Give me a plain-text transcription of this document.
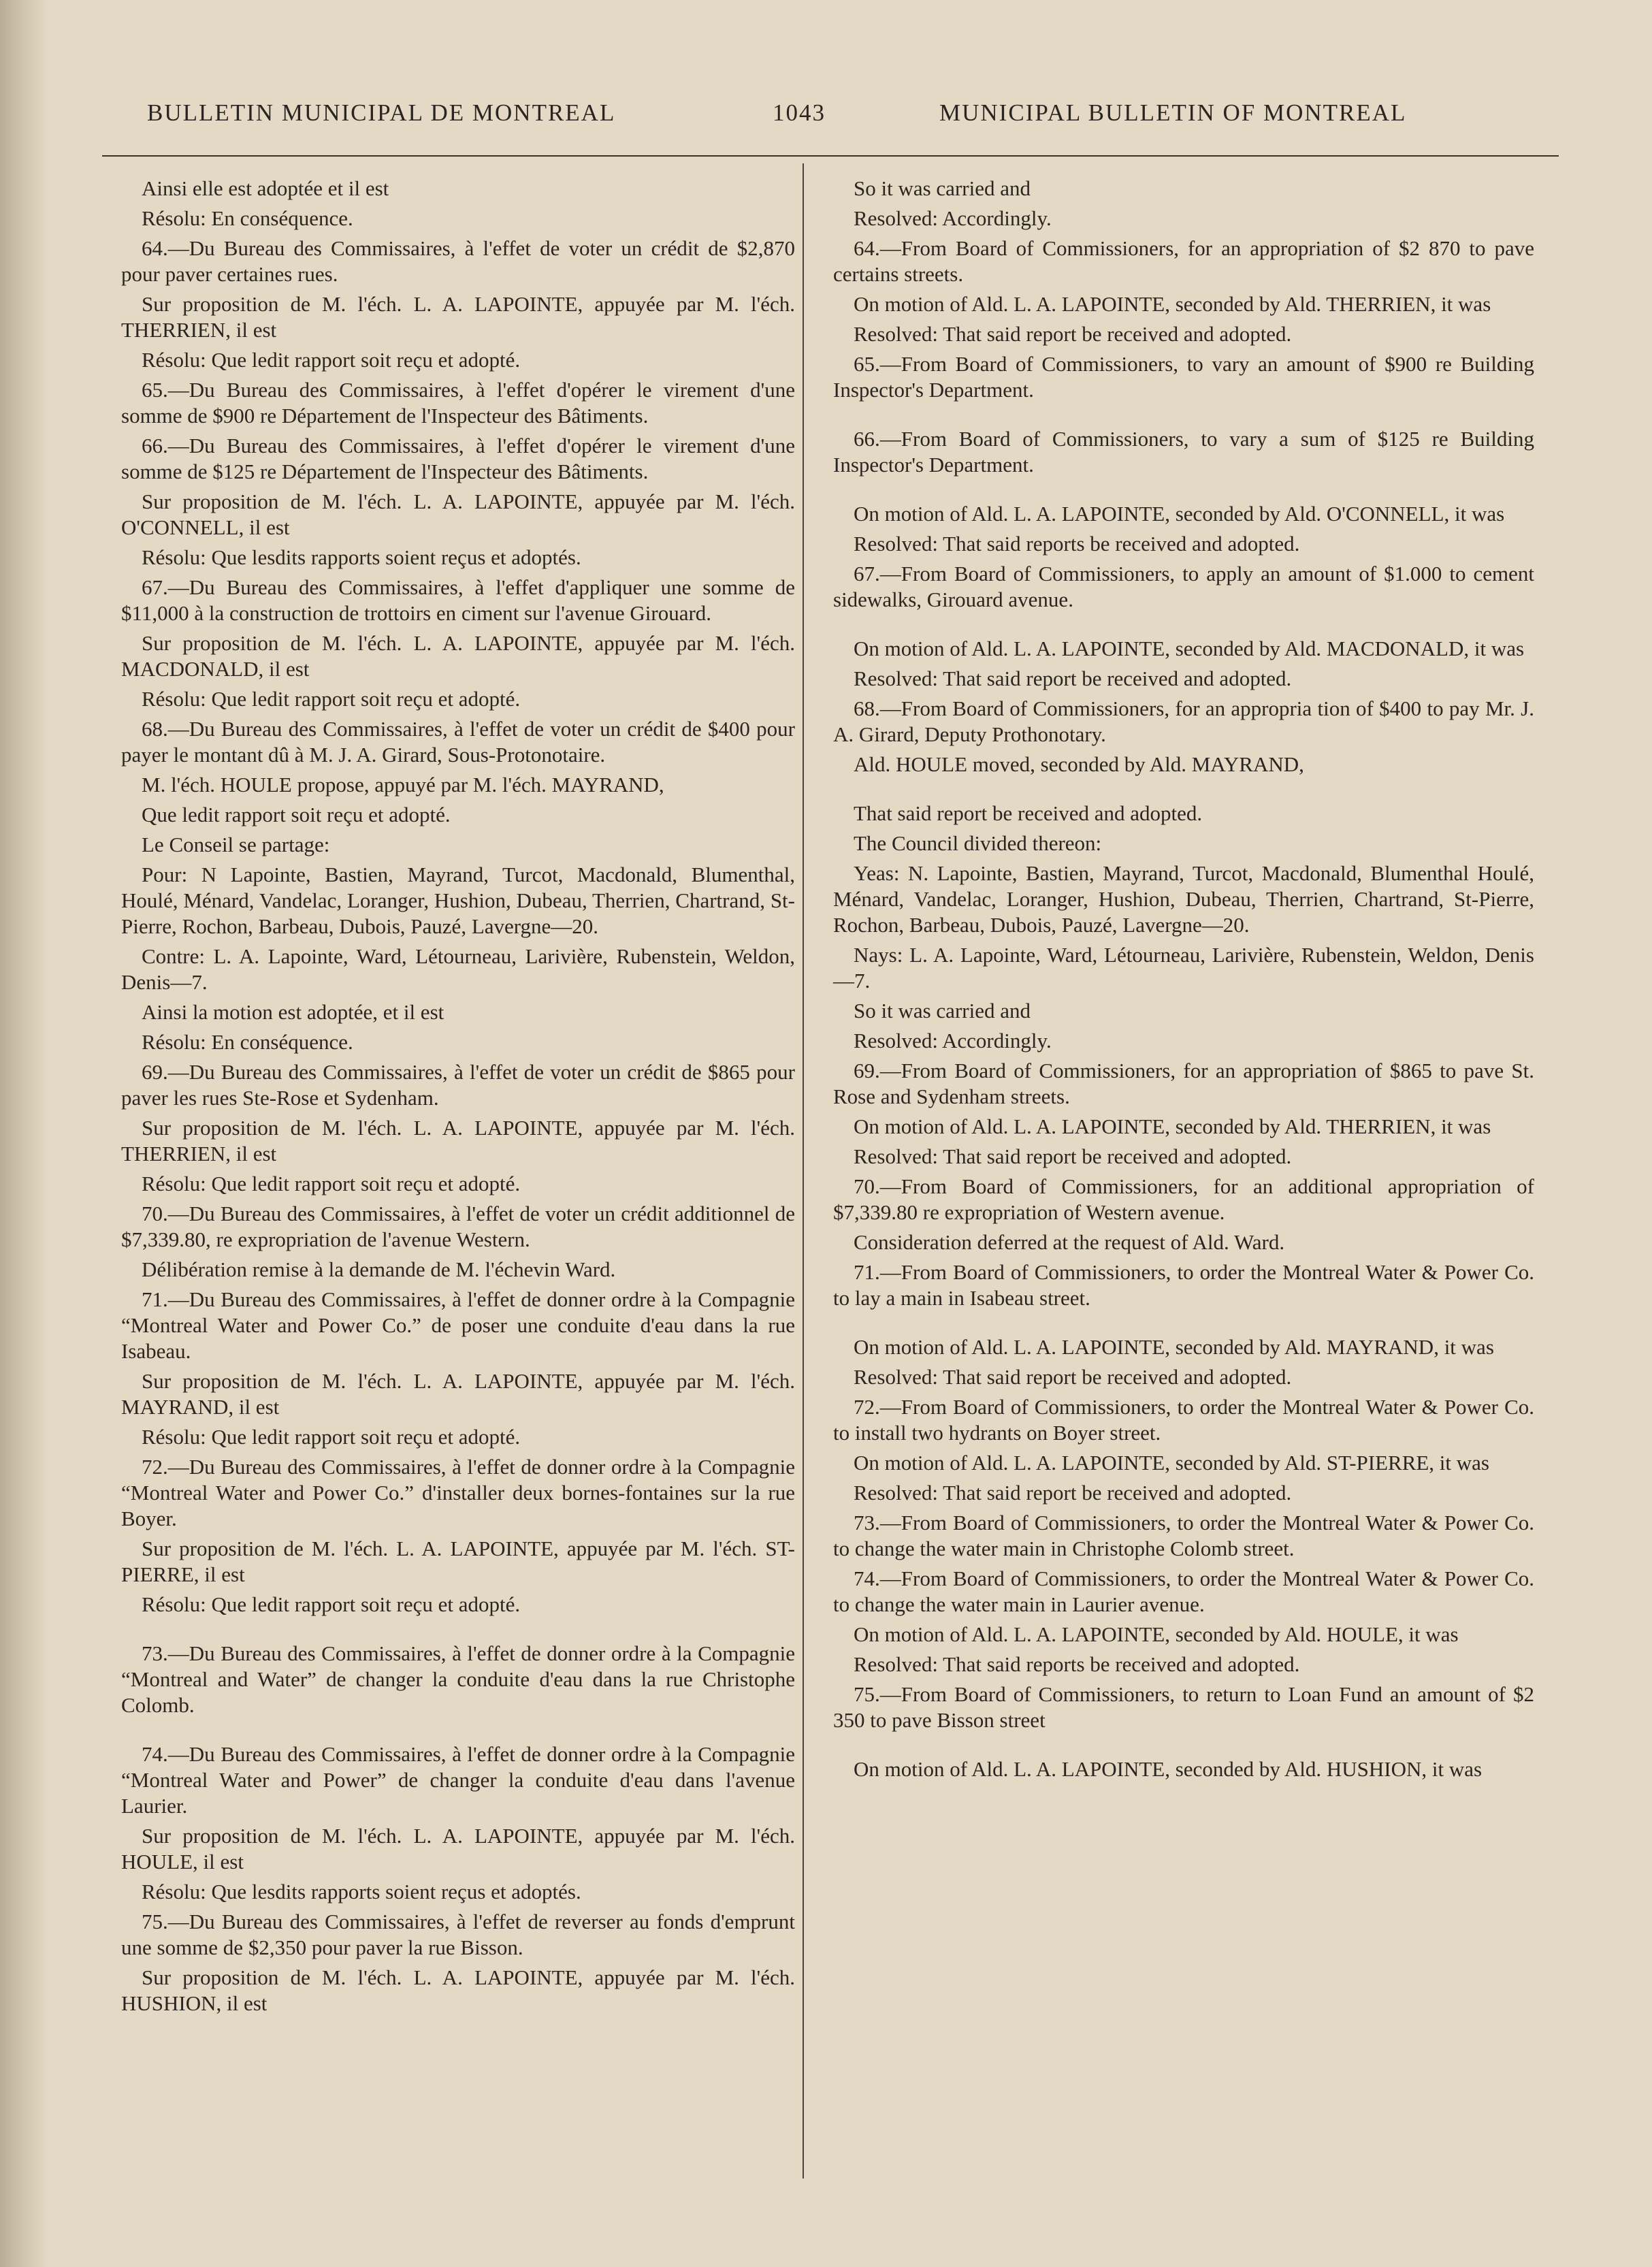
BULLETIN MUNICIPAL DE MONTREAL	1043	MUNICIPAL BULLETIN OF MONTREAL

Ainsi elle est adoptée et il est

Résolu: En conséquence.

64.—Du Bureau des Commissaires, à l'effet de voter un crédit de $2,870 pour paver certaines rues.

Sur proposition de M. l'éch. L. A. LAPOINTE, appuyée par M. l'éch. THERRIEN, il est

Résolu: Que ledit rapport soit reçu et adopté.

65.—Du Bureau des Commissaires, à l'effet d'opérer le virement d'une somme de $900 re Département de l'Inspecteur des Bâtiments.

66.—Du Bureau des Commissaires, à l'effet d'opérer le virement d'une somme de $125 re Département de l'Inspecteur des Bâtiments.

Sur proposition de M. l'éch. L. A. LAPOINTE, appuyée par M. l'éch. O'CONNELL, il est

Résolu: Que lesdits rapports soient reçus et adoptés.

67.—Du Bureau des Commissaires, à l'effet d'appliquer une somme de $11,000 à la construction de trottoirs en ciment sur l'avenue Girouard.

Sur proposition de M. l'éch. L. A. LAPOINTE, appuyée par M. l'éch. MACDONALD, il est

Résolu: Que ledit rapport soit reçu et adopté.

68.—Du Bureau des Commissaires, à l'effet de voter un crédit de $400 pour payer le montant dû à M. J. A. Girard, Sous-Protonotaire.

M. l'éch. HOULE propose, appuyé par M. l'éch. MAYRAND,

Que ledit rapport soit reçu et adopté.

Le Conseil se partage:

Pour: N Lapointe, Bastien, Mayrand, Turcot, Macdonald, Blumenthal, Houlé, Ménard, Vandelac, Loranger, Hushion, Dubeau, Therrien, Chartrand, St-Pierre, Rochon, Barbeau, Dubois, Pauzé, Lavergne—20.

Contre: L. A. Lapointe, Ward, Létourneau, Larivière, Rubenstein, Weldon, Denis—7.

Ainsi la motion est adoptée, et il est

Résolu: En conséquence.

69.—Du Bureau des Commissaires, à l'effet de voter un crédit de $865 pour paver les rues Ste-Rose et Sydenham.

Sur proposition de M. l'éch. L. A. LAPOINTE, appuyée par M. l'éch. THERRIEN, il est

Résolu: Que ledit rapport soit reçu et adopté.

70.—Du Bureau des Commissaires, à l'effet de voter un crédit additionnel de $7,339.80, re expropriation de l'avenue Western.

Délibération remise à la demande de M. l'échevin Ward.

71.—Du Bureau des Commissaires, à l'effet de donner ordre à la Compagnie “Montreal Water and Power Co.” de poser une conduite d'eau dans la rue Isabeau.

Sur proposition de M. l'éch. L. A. LAPOINTE, appuyée par M. l'éch. MAYRAND, il est

Résolu: Que ledit rapport soit reçu et adopté.

72.—Du Bureau des Commissaires, à l'effet de donner ordre à la Compagnie “Montreal Water and Power Co.” d'installer deux bornes-fontaines sur la rue Boyer.

Sur proposition de M. l'éch. L. A. LAPOINTE, appuyée par M. l'éch. ST-PIERRE, il est

Résolu: Que ledit rapport soit reçu et adopté.

73.—Du Bureau des Commissaires, à l'effet de donner ordre à la Compagnie “Montreal and Water” de changer la conduite d'eau dans la rue Christophe Colomb.

74.—Du Bureau des Commissaires, à l'effet de donner ordre à la Compagnie “Montreal Water and Power” de changer la conduite d'eau dans l'avenue Laurier.

Sur proposition de M. l'éch. L. A. LAPOINTE, appuyée par M. l'éch. HOULE, il est

Résolu: Que lesdits rapports soient reçus et adoptés.

75.—Du Bureau des Commissaires, à l'effet de reverser au fonds d'emprunt une somme de $2,350 pour paver la rue Bisson.

Sur proposition de M. l'éch. L. A. LAPOINTE, appuyée par M. l'éch. HUSHION, il est

So it was carried and

Resolved: Accordingly.

64.—From Board of Commissioners, for an appropriation of $2 870 to pave certains streets.

On motion of Ald. L. A. LAPOINTE, seconded by Ald. THERRIEN, it was

Resolved: That said report be received and adopted.

65.—From Board of Commissioners, to vary an amount of $900 re Building Inspector's Department.

66.—From Board of Commissioners, to vary a sum of $125 re Building Inspector's Department.

On motion of Ald. L. A. LAPOINTE, seconded by Ald. O'CONNELL, it was

Resolved: That said reports be received and adopted.

67.—From Board of Commissioners, to apply an amount of $1.000 to cement sidewalks, Girouard avenue.

On motion of Ald. L. A. LAPOINTE, seconded by Ald. MACDONALD, it was

Resolved: That said report be received and adopted.

68.—From Board of Commissioners, for an appropria tion of $400 to pay Mr. J. A. Girard, Deputy Prothonotary.

Ald. HOULE moved, seconded by Ald. MAYRAND,

That said report be received and adopted.

The Council divided thereon:

Yeas: N. Lapointe, Bastien, Mayrand, Turcot, Macdonald, Blumenthal Houlé, Ménard, Vandelac, Loranger, Hushion, Dubeau, Therrien, Chartrand, St-Pierre, Rochon, Barbeau, Dubois, Pauzé, Lavergne—20.

Nays: L. A. Lapointe, Ward, Létourneau, Larivière, Rubenstein, Weldon, Denis—7.

So it was carried and

Resolved: Accordingly.

69.—From Board of Commissioners, for an appropriation of $865 to pave St. Rose and Sydenham streets.

On motion of Ald. L. A. LAPOINTE, seconded by Ald. THERRIEN, it was

Resolved: That said report be received and adopted.

70.—From Board of Commissioners, for an additional appropriation of $7,339.80 re expropriation of Western avenue.

Consideration deferred at the request of Ald. Ward.

71.—From Board of Commissioners, to order the Montreal Water & Power Co. to lay a main in Isabeau street.

On motion of Ald. L. A. LAPOINTE, seconded by Ald. MAYRAND, it was

Resolved: That said report be received and adopted.

72.—From Board of Commissioners, to order the Montreal Water & Power Co. to install two hydrants on Boyer street.

On motion of Ald. L. A. LAPOINTE, seconded by Ald. ST-PIERRE, it was

Resolved: That said report be received and adopted.

73.—From Board of Commissioners, to order the Montreal Water & Power Co. to change the water main in Christophe Colomb street.

74.—From Board of Commissioners, to order the Montreal Water & Power Co. to change the water main in Laurier avenue.

On motion of Ald. L. A. LAPOINTE, seconded by Ald. HOULE, it was

Resolved: That said reports be received and adopted.

75.—From Board of Commissioners, to return to Loan Fund an amount of $2 350 to pave Bisson street

On motion of Ald. L. A. LAPOINTE, seconded by Ald. HUSHION, it was
